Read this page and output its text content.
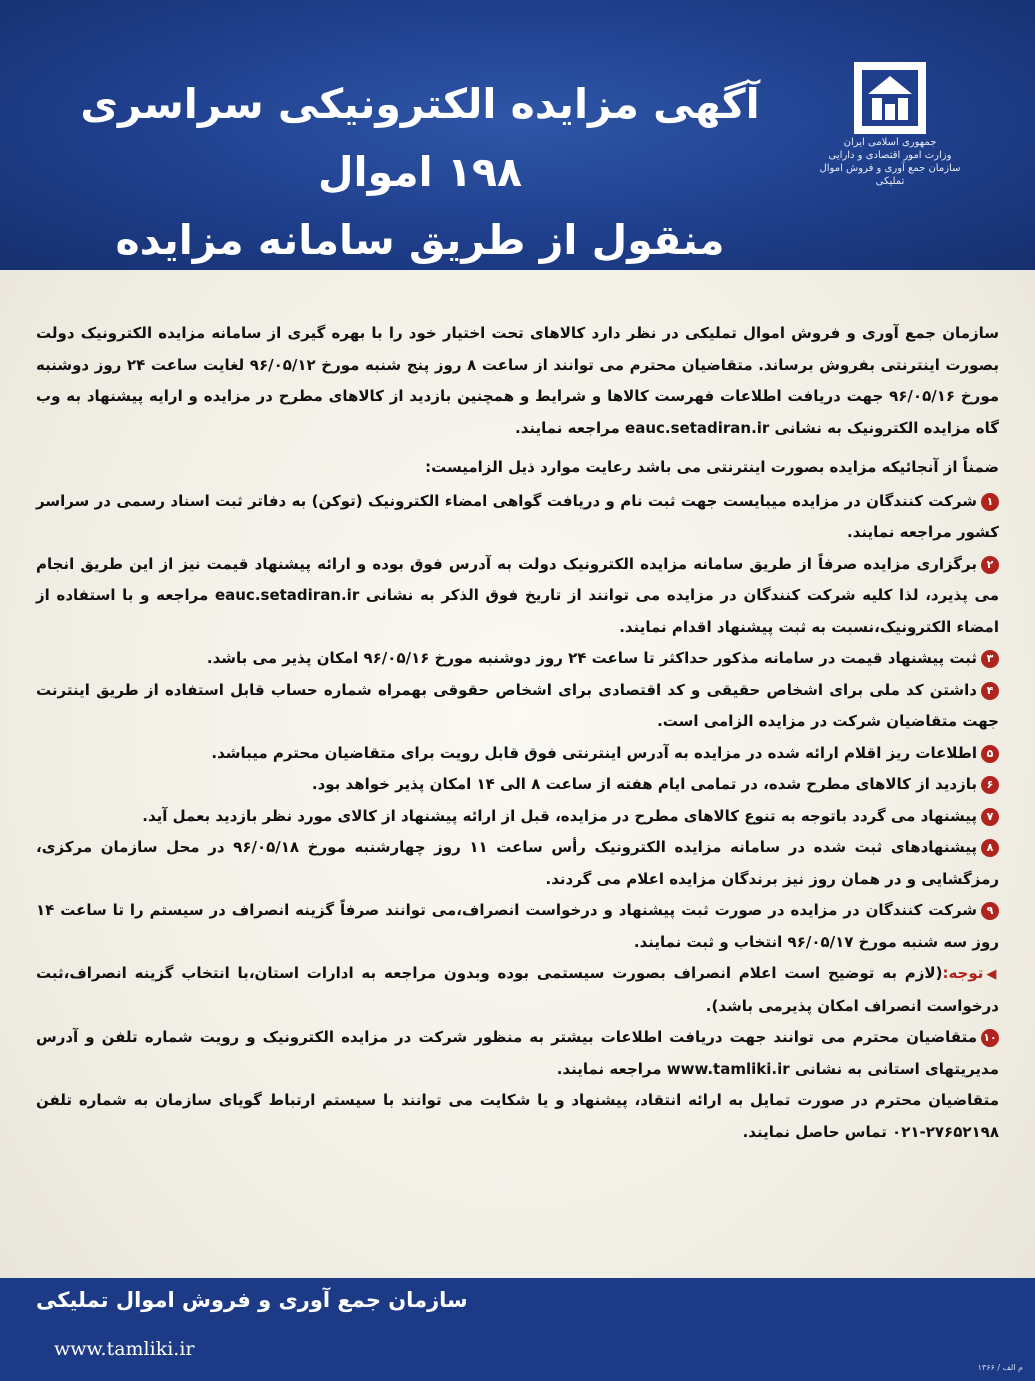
آگهی مزایده الکترونیکی سراسری ۱۹۸ اموال
منقول از طریق سامانه مزایده
جمهوری اسلامی ایران
وزارت امور اقتصادی و دارایی
سازمان جمع آوری و فروش اموال تملیکی

سازمان جمع آوری و فروش اموال تملیکی در نظر دارد کالاهای تحت اختیار خود را با بهره گیری از سامانه مزایده الکترونیک دولت بصورت اینترنتی بفروش برساند. متقاضیان محترم می توانند از ساعت ۸ روز پنج شنبه مورخ ۹۶/۰۵/۱۲ لغایت ساعت ۲۴ روز دوشنبه مورخ ۹۶/۰۵/۱۶ جهت دریافت اطلاعات فهرست کالاها و شرایط و همچنین بازدید از کالاهای مطرح در مزایده و ارایه پیشنهاد به وب گاه مزایده الکترونیک به نشانی eauc.setadiran.ir مراجعه نمایند.

ضمناً از آنجائیکه مزایده بصورت اینترنتی می باشد رعایت موارد ذیل الزامیست:

۱شرکت کنندگان در مزایده میبایست جهت ثبت نام و دریافت گواهی امضاء الکترونیک (توکن) به دفاتر ثبت اسناد رسمی در سراسر کشور مراجعه نمایند.

۲برگزاری مزایده صرفاً از طریق سامانه مزایده الکترونیک دولت به آدرس فوق بوده و ارائه پیشنهاد قیمت نیز از این طریق انجام می پذیرد، لذا کلیه شرکت کنندگان در مزایده می توانند از تاریخ فوق الذکر به نشانی eauc.setadiran.ir مراجعه و با استفاده از امضاء الکترونیک،نسبت به ثبت پیشنهاد اقدام نمایند.

۳ثبت پیشنهاد قیمت در سامانه مذکور حداکثر تا ساعت ۲۴ روز دوشنبه مورخ ۹۶/۰۵/۱۶ امکان پذیر می باشد.

۴داشتن کد ملی برای اشخاص حقیقی و کد اقتصادی برای اشخاص حقوقی بهمراه شماره حساب قابل استفاده از طریق اینترنت جهت متقاضیان شرکت در مزایده الزامی است.

۵اطلاعات ریز اقلام ارائه شده در مزایده به آدرس اینترنتی فوق قابل رویت برای متقاضیان محترم میباشد.

۶بازدید از کالاهای مطرح شده، در تمامی ایام هفته از ساعت ۸ الی ۱۴ امکان پذیر خواهد بود.

۷پیشنهاد می گردد باتوجه به تنوع کالاهای مطرح در مزایده، قبل از ارائه پیشنهاد از کالای مورد نظر بازدید بعمل آید.

۸پیشنهادهای ثبت شده در سامانه مزایده الکترونیک رأس ساعت ۱۱ روز چهارشنبه مورخ ۹۶/۰۵/۱۸ در محل سازمان مرکزی، رمزگشایی و در همان روز نیز برندگان مزایده اعلام می گردند.

۹شرکت کنندگان در مزایده در صورت ثبت پیشنهاد و درخواست انصراف،می توانند صرفاً گزینه انصراف در سیستم را تا ساعت ۱۴ روز سه شنبه مورخ ۹۶/۰۵/۱۷ انتخاب و ثبت نمایند.

◀توجه:(لازم به توضیح است اعلام انصراف بصورت سیستمی بوده وبدون مراجعه به ادارات استان،با انتخاب گزینه انصراف،ثبت درخواست انصراف امکان پذیرمی باشد).

۱۰متقاضیان محترم می توانند جهت دریافت اطلاعات بیشتر به منظور شرکت در مزایده الکترونیک و رویت شماره تلفن و آدرس مدیریتهای استانی به نشانی www.tamliki.ir مراجعه نمایند.

متقاضیان محترم در صورت تمایل به ارائه انتقاد، پیشنهاد و یا شکایت می توانند با سیستم ارتباط گویای سازمان به شماره تلفن ۲۷۶۵۲۱۹۸-۰۲۱ تماس حاصل نمایند.

سازمان جمع آوری و فروش اموال تملیکی
www.tamliki.ir
م الف / ۱۳۶۶
